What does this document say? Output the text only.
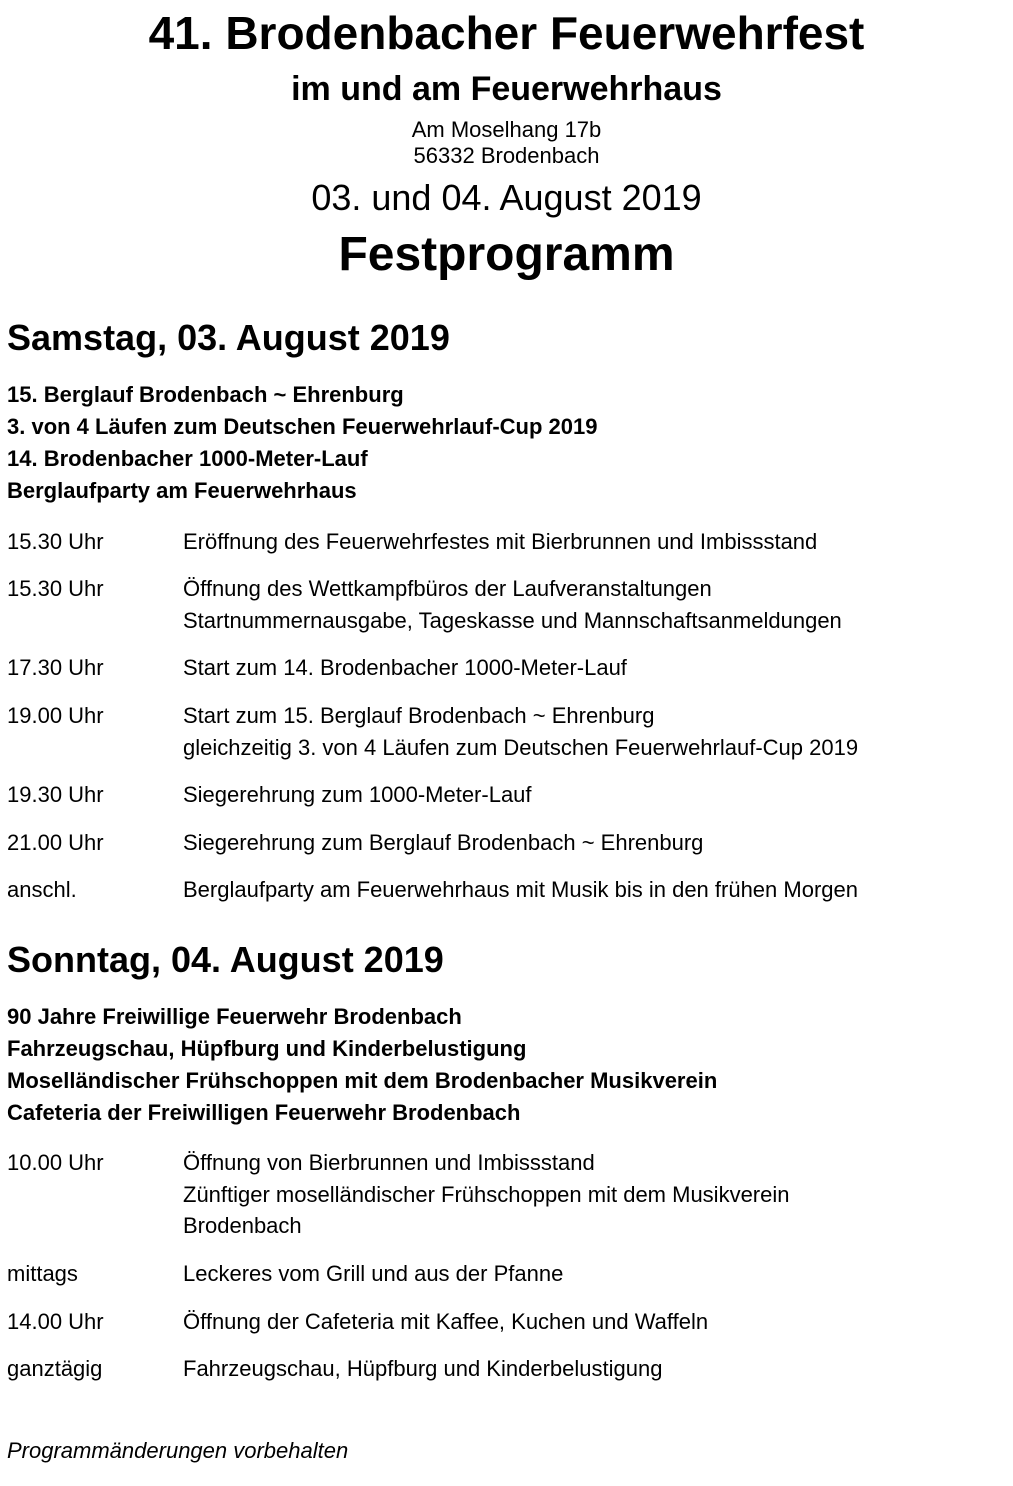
41. Brodenbacher Feuerwehrfest
im und am Feuerwehrhaus
Am Moselhang 17b
56332 Brodenbach
03. und 04. August 2019
Festprogramm
Samstag, 03. August 2019
15. Berglauf Brodenbach ~ Ehrenburg
3. von 4 Läufen zum Deutschen Feuerwehrlauf-Cup 2019
14. Brodenbacher 1000-Meter-Lauf
Berglaufparty am Feuerwehrhaus
15.30 Uhr	Eröffnung des Feuerwehrfestes mit Bierbrunnen und Imbissstand
15.30 Uhr	Öffnung des Wettkampfbüros der Laufveranstaltungen
Startnummernausgabe, Tageskasse und Mannschaftsanmeldungen
17.30 Uhr	Start zum 14. Brodenbacher 1000-Meter-Lauf
19.00 Uhr	Start zum 15. Berglauf Brodenbach ~ Ehrenburg
gleichzeitig 3. von 4 Läufen zum Deutschen Feuerwehrlauf-Cup 2019
19.30 Uhr	Siegerehrung zum 1000-Meter-Lauf
21.00 Uhr	Siegerehrung zum Berglauf Brodenbach ~ Ehrenburg
anschl.	Berglaufparty am Feuerwehrhaus mit Musik bis in den frühen Morgen
Sonntag, 04. August 2019
90 Jahre Freiwillige Feuerwehr Brodenbach
Fahrzeugschau, Hüpfburg und Kinderbelustigung
Moselländischer Frühschoppen mit dem Brodenbacher Musikverein
Cafeteria der Freiwilligen Feuerwehr Brodenbach
10.00 Uhr	Öffnung von Bierbrunnen und Imbissstand
Zünftiger moselländischer Frühschoppen mit dem Musikverein
Brodenbach
mittags	Leckeres vom Grill und aus der Pfanne
14.00 Uhr	Öffnung der Cafeteria mit Kaffee, Kuchen und Waffeln
ganztägig	Fahrzeugschau, Hüpfburg und Kinderbelustigung
Programmänderungen vorbehalten
